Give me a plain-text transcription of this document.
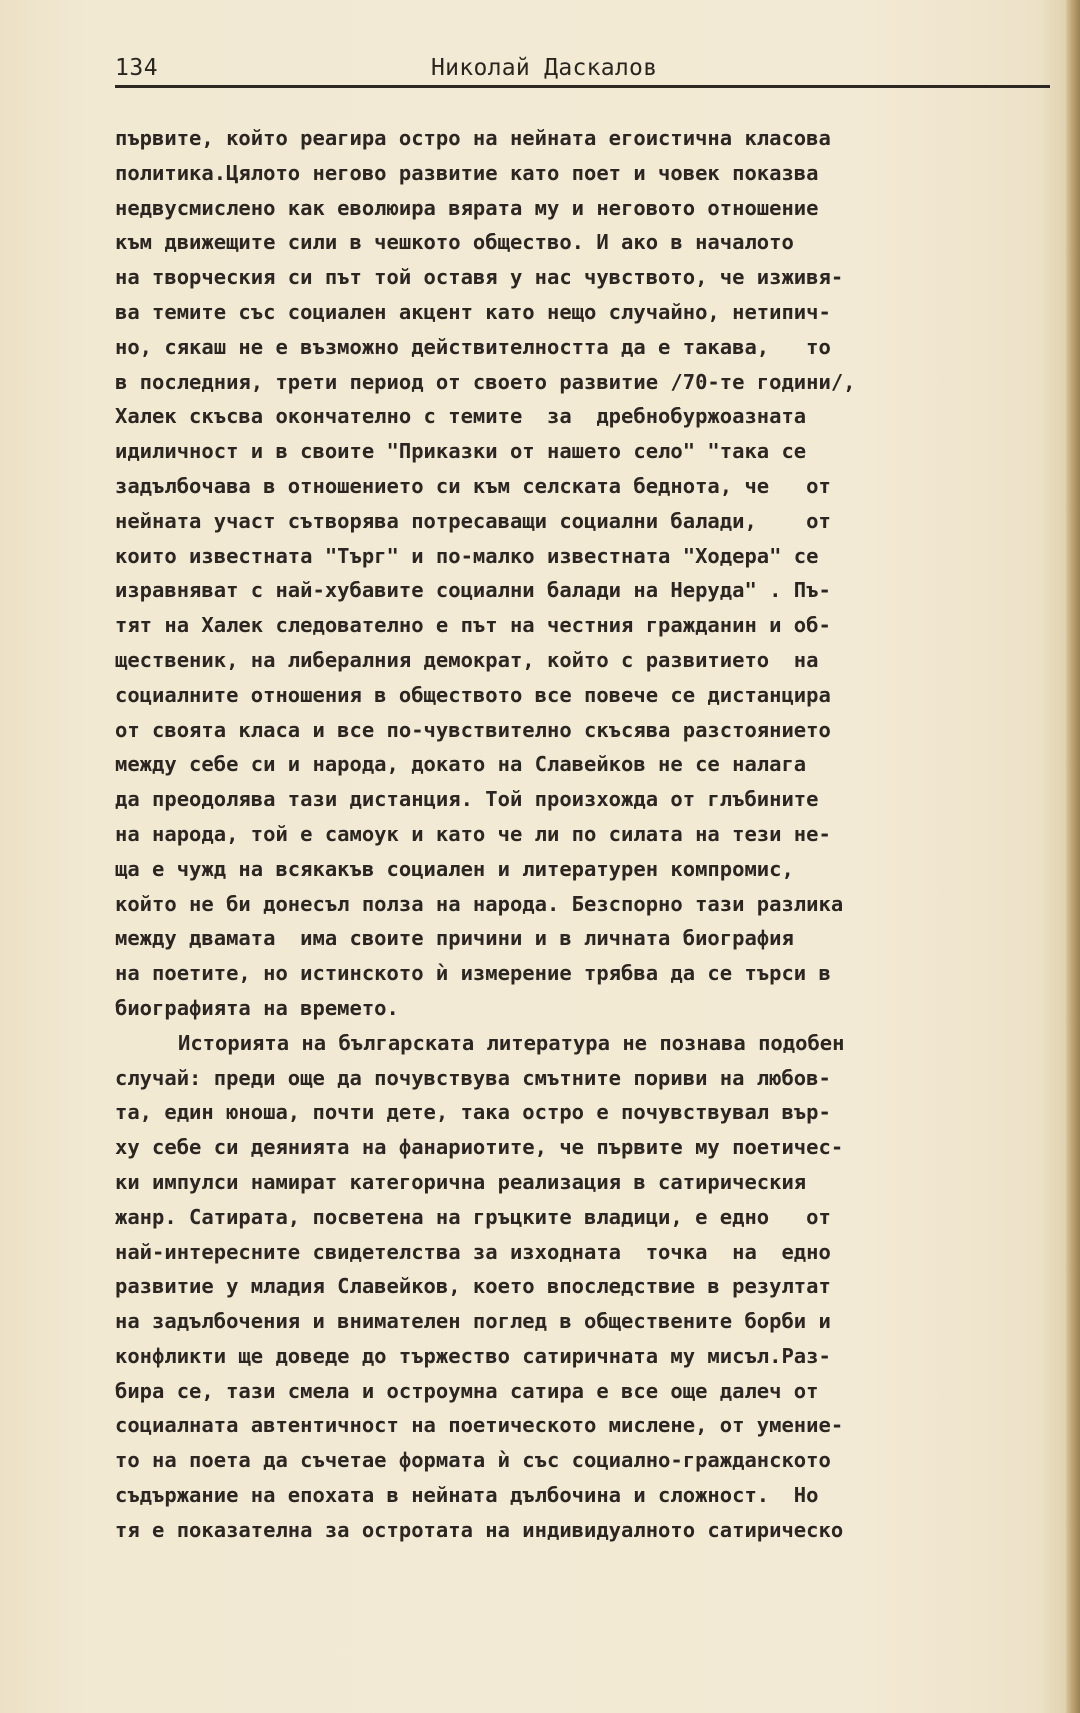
134	Николай Даскалов
първите, който реагира остро на нейната егоистична класова
политика.Цялото негово развитие като поет и човек показва
недвусмислено как еволюира вярата му и неговото отношение
към движещите сили в чешкото общество. И ако в началото
на творческия си път той оставя у нас чувството, че изживя-
ва темите със социален акцент като нещо случайно, нетипич-
но, сякаш не е възможно действителността да е такава,   то
в последния, трети период от своето развитие /70-те години/,
Халек скъсва окончателно с темите  за  дребнобуржоазната
идиличност и в своите "Приказки от нашето село" "така се
задълбочава в отношението си към селската беднота, че   от
нейната участ сътворява потресаващи социални балади,    от
които известната "Търг" и по-малко известната "Ходера" се
изравняват с най-хубавите социални балади на Неруда" . Пъ-
тят на Халек следователно е път на честния гражданин и об-
щественик, на либералния демократ, който с развитието  на
социалните отношения в обществото все повече се дистанцира
от своята класа и все по-чувствително скъсява разстоянието
между себе си и народа, докато на Славейков не се налага
да преодолява тази дистанция. Той произхожда от глъбините
на народа, той е самоук и като че ли по силата на тези не-
ща е чужд на всякакъв социален и литературен компромис,
който не би донесъл полза на народа. Безспорно тази разлика
между двамата  има своите причини и в личната биография
на поетите, но истинското ѝ измерение трябва да се търси в
биографията на времето.
Историята на българската литература не познава подобен
случай: преди още да почувствува смътните пориви на любов-
та, един юноша, почти дете, така остро е почувствувал вър-
ху себе си деянията на фанариотите, че първите му поетичес-
ки импулси намират категорична реализация в сатирическия
жанр. Сатирата, посветена на гръцките владици, е едно   от
най-интересните свидетелства за изходната  точка  на  едно
развитие у младия Славейков, което впоследствие в резултат
на задълбочения и внимателен поглед в обществените борби и
конфликти ще доведе до тържество сатиричната му мисъл.Раз-
бира се, тази смела и остроумна сатира е все още далеч от
социалната автентичност на поетическото мислене, от умение-
то на поета да съчетае формата ѝ със социално-гражданското
съдържание на епохата в нейната дълбочина и сложност.  Но
тя е показателна за остротата на индивидуалното сатирическо
